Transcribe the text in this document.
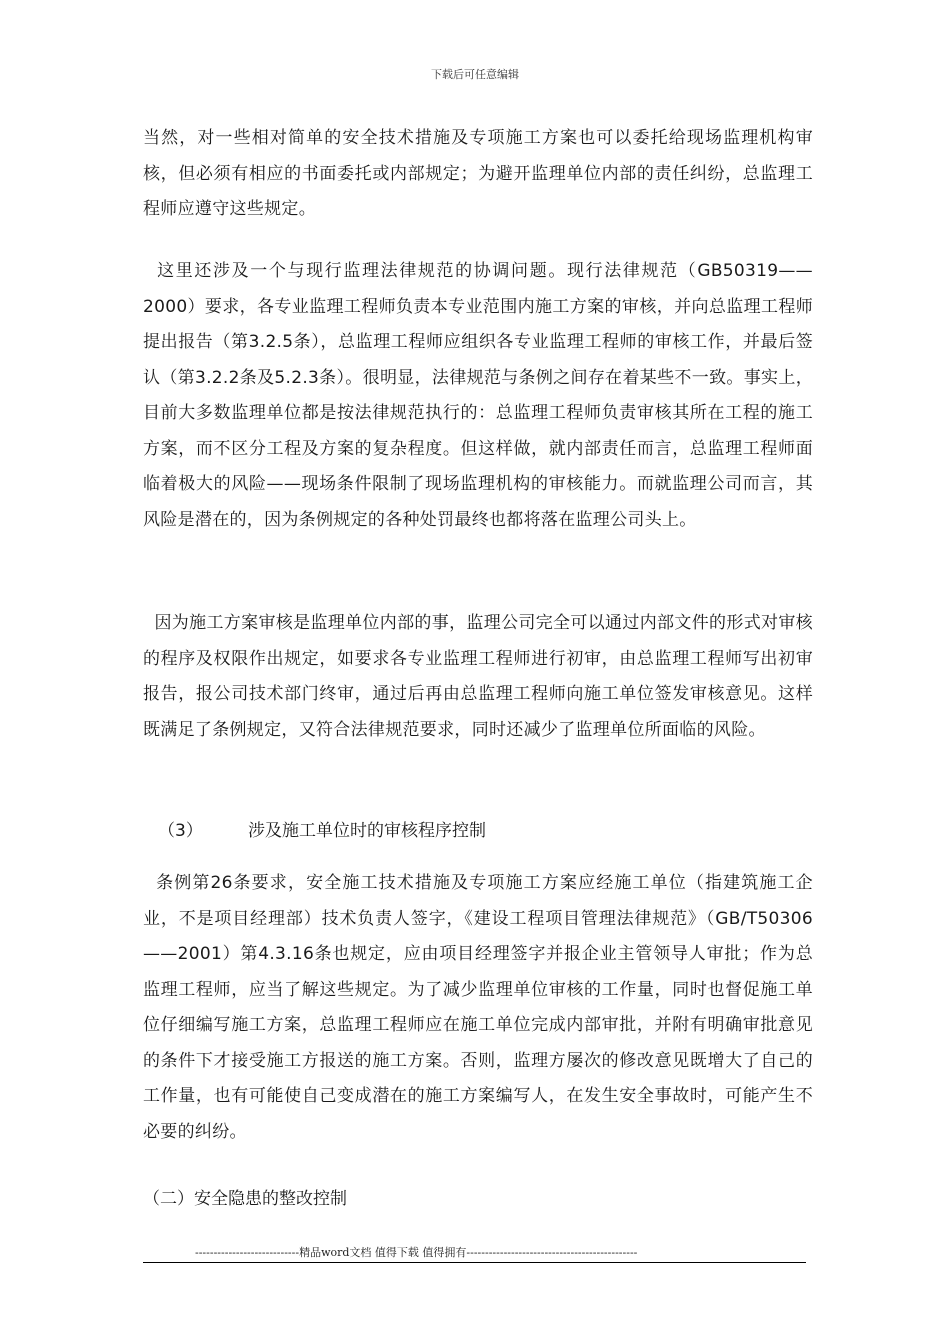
下载后可任意编辑

当然，对一些相对简单的安全技术措施及专项施工方案也可以委托给现场监理机构审核，但必须有相应的书面委托或内部规定；为避开监理单位内部的责任纠纷，总监理工程师应遵守这些规定。

这里还涉及一个与现行监理法律规范的协调问题。现行法律规范（GB50319——2000）要求，各专业监理工程师负责本专业范围内施工方案的审核，并向总监理工程师提出报告（第3.2.5条），总监理工程师应组织各专业监理工程师的审核工作，并最后签认（第3.2.2条及5.2.3条）。很明显，法律规范与条例之间存在着某些不一致。事实上，目前大多数监理单位都是按法律规范执行的：总监理工程师负责审核其所在工程的施工方案，而不区分工程及方案的复杂程度。但这样做，就内部责任而言，总监理工程师面临着极大的风险——现场条件限制了现场监理机构的审核能力。而就监理公司而言，其风险是潜在的，因为条例规定的各种处罚最终也都将落在监理公司头上。

因为施工方案审核是监理单位内部的事，监理公司完全可以通过内部文件的形式对审核的程序及权限作出规定，如要求各专业监理工程师进行初审，由总监理工程师写出初审报告，报公司技术部门终审，通过后再由总监理工程师向施工单位签发审核意见。这样既满足了条例规定，又符合法律规范要求，同时还减少了监理单位所面临的风险。

（3）	涉及施工单位时的审核程序控制

条例第26条要求，安全施工技术措施及专项施工方案应经施工单位（指建筑施工企业，不是项目经理部）技术负责人签字，《建设工程项目管理法律规范》（GB/T50306——2001）第4.3.16条也规定，应由项目经理签字并报企业主管领导人审批；作为总监理工程师，应当了解这些规定。为了减少监理单位审核的工作量，同时也督促施工单位仔细编写施工方案，总监理工程师应在施工单位完成内部审批，并附有明确审批意见的条件下才接受施工方报送的施工方案。否则，监理方屡次的修改意见既增大了自己的工作量，也有可能使自己变成潜在的施工方案编写人，在发生安全事故时，可能产生不必要的纠纷。

（二）安全隐患的整改控制
----------------------------精品word文档 值得下载 值得拥有----------------------------------------------
